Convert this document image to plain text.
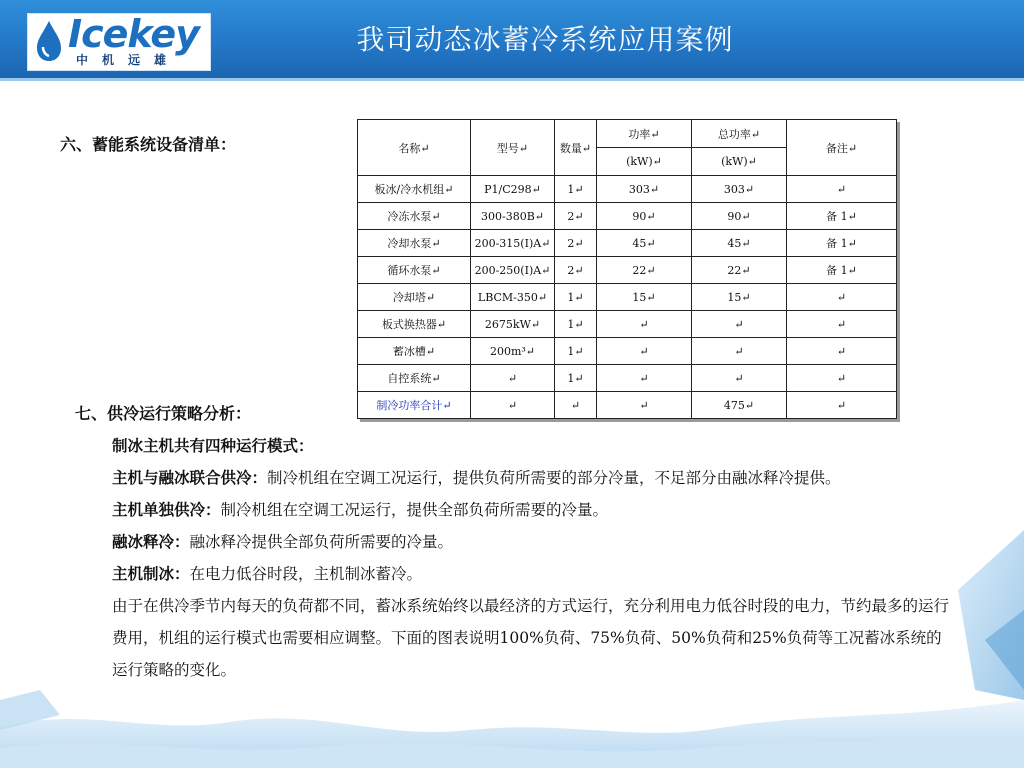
Icekey
中机远雄
我司动态冰蓄冷系统应用案例
六、蓄能系统设备清单：	名称↵	型号↵	数量↵	功率↵	总功率↵	备注↵
			(kW)↵	(kW)↵	
板冰/冷水机组↵	P1/C298↵	1↵	303↵	303↵	↵
冷冻水泵↵	300-380B↵	2↵	90↵	90↵	备 1↵
冷却水泵↵	200-315(I)A↵	2↵	45↵	45↵	备 1↵
循环水泵↵	200-250(I)A↵	2↵	22↵	22↵	备 1↵
冷却塔↵	LBCM-350↵	1↵	15↵	15↵	↵
板式换热器↵	2675kW↵	1↵	↵	↵	↵
蓄冰槽↵	200m³↵	1↵	↵	↵	↵
自控系统↵	↵	1↵	↵	↵	↵
制冷功率合计↵	↵	↵	↵	475↵	↵

七、供冷运行策略分析：

制冰主机共有四种运行模式：

主机与融冰联合供冷：制冷机组在空调工况运行，提供负荷所需要的部分冷量，不足部分由融冰释冷提供。

主机单独供冷：制冷机组在空调工况运行，提供全部负荷所需要的冷量。

融冰释冷：融冰释冷提供全部负荷所需要的冷量。

主机制冰：在电力低谷时段，主机制冰蓄冷。

由于在供冷季节内每天的负荷都不同，蓄冰系统始终以最经济的方式运行，充分利用电力低谷时段的电力，节约最多的运行费用，机组的运行模式也需要相应调整。下面的图表说明100%负荷、75%负荷、50%负荷和25%负荷等工况蓄冰系统的运行策略的变化。
